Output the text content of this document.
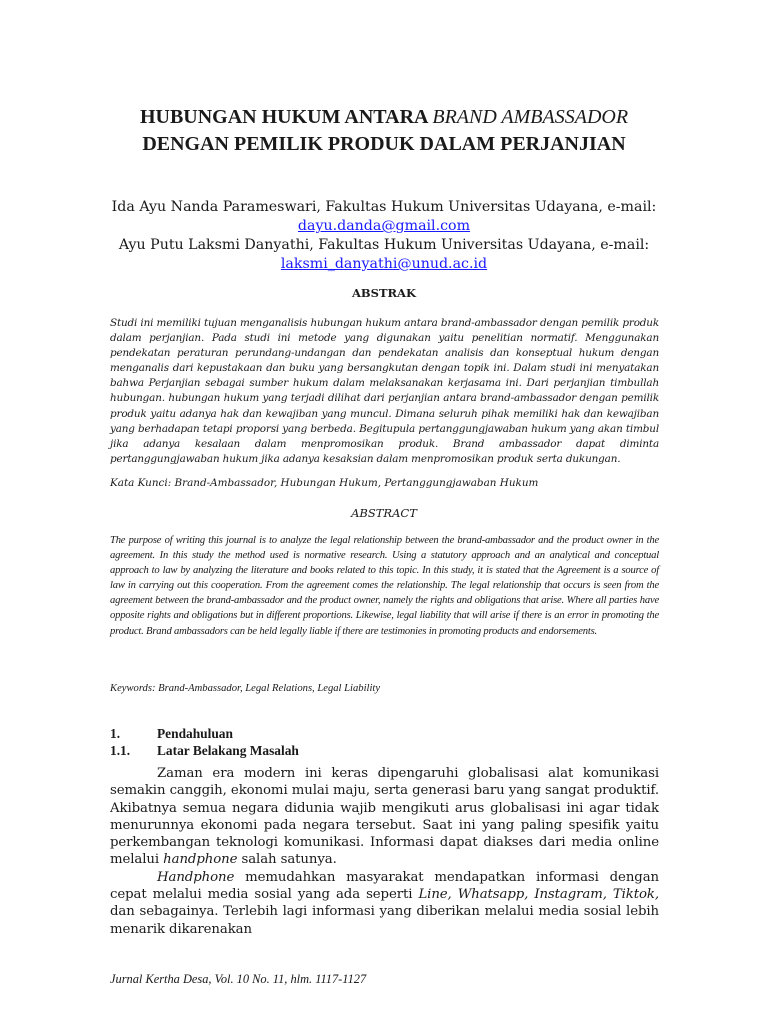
HUBUNGAN HUKUM ANTARA BRAND AMBASSADOR DENGAN PEMILIK PRODUK DALAM PERJANJIAN
Ida Ayu Nanda Parameswari, Fakultas Hukum Universitas Udayana, e-mail:
dayu.danda@gmail.com
Ayu Putu Laksmi Danyathi, Fakultas Hukum Universitas Udayana, e-mail:
laksmi_danyathi@unud.ac.id
ABSTRAK
Studi ini memiliki tujuan menganalisis hubungan hukum antara brand-ambassador dengan pemilik produk dalam perjanjian. Pada studi ini metode yang digunakan yaitu penelitian normatif. Menggunakan pendekatan peraturan perundang-undangan dan pendekatan analisis dan konseptual hukum dengan menganalis dari kepustakaan dan buku yang bersangkutan dengan topik ini. Dalam studi ini menyatakan bahwa Perjanjian sebagai sumber hukum dalam melaksanakan kerjasama ini. Dari perjanjian timbullah hubungan. hubungan hukum yang terjadi dilihat dari perjanjian antara brand-ambassador dengan pemilik produk yaitu adanya hak dan kewajiban yang muncul. Dimana seluruh pihak memiliki hak dan kewajiban yang berhadapan tetapi proporsi yang berbeda. Begitupula pertanggungjawaban hukum yang akan timbul jika adanya kesalaan dalam menpromosikan produk. Brand ambassador dapat diminta pertanggungjawaban hukum jika adanya kesaksian dalam menpromosikan produk serta dukungan.
Kata Kunci: Brand-Ambassador, Hubungan Hukum, Pertanggungjawaban Hukum
ABSTRACT
The purpose of writing this journal is to analyze the legal relationship between the brand-ambassador and the product owner in the agreement. In this study the method used is normative research. Using a statutory approach and an analytical and conceptual approach to law by analyzing the literature and books related to this topic. In this study, it is stated that the Agreement is a source of law in carrying out this cooperation. From the agreement comes the relationship. The legal relationship that occurs is seen from the agreement between the brand-ambassador and the product owner, namely the rights and obligations that arise. Where all parties have opposite rights and obligations but in different proportions. Likewise, legal liability that will arise if there is an error in promoting the product. Brand ambassadors can be held legally liable if there are testimonies in promoting products and endorsements.
Keywords: Brand-Ambassador, Legal Relations, Legal Liability
1.	Pendahuluan
1.1. Latar Belakang Masalah

Zaman era modern ini keras dipengaruhi globalisasi alat komunikasi semakin canggih, ekonomi mulai maju, serta generasi baru yang sangat produktif. Akibatnya semua negara didunia wajib mengikuti arus globalisasi ini agar tidak menurunnya ekonomi pada negara tersebut. Saat ini yang paling spesifik yaitu perkembangan teknologi komunikasi. Informasi dapat diakses dari media online melalui handphone salah satunya.

Handphone memudahkan masyarakat mendapatkan informasi dengan cepat melalui media sosial yang ada seperti Line, Whatsapp, Instagram, Tiktok, dan sebagainya. Terlebih lagi informasi yang diberikan melalui media sosial lebih menarik dikarenakan

Jurnal Kertha Desa, Vol. 10 No. 11, hlm. 1117-1127
